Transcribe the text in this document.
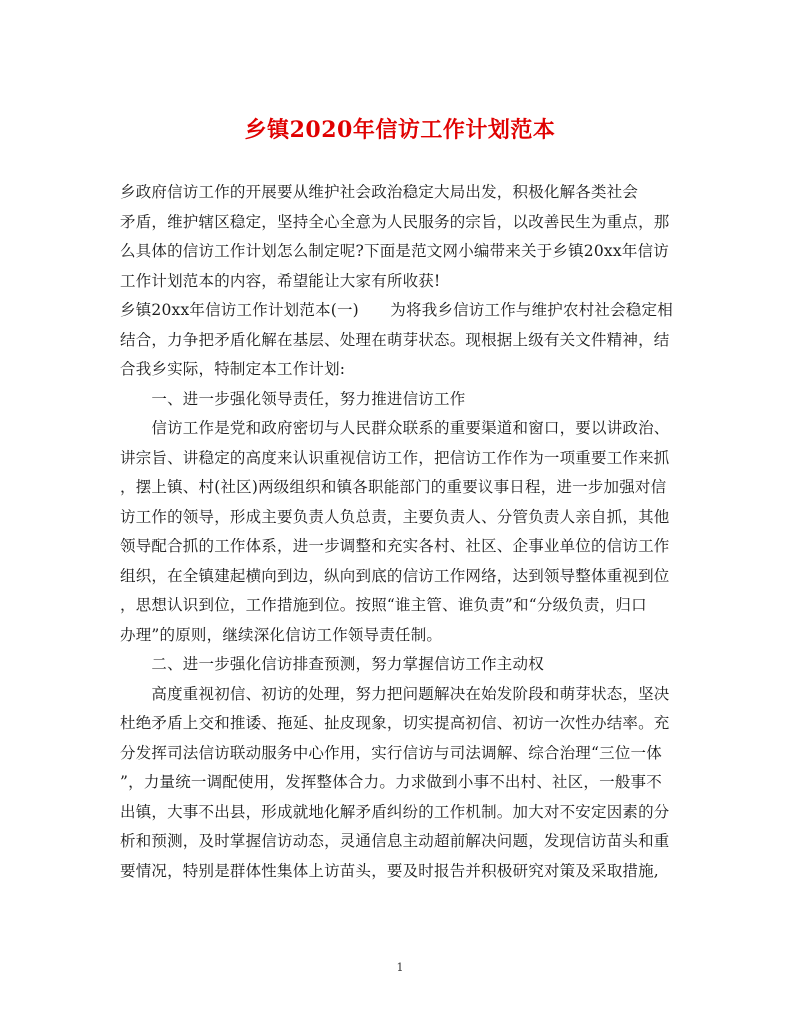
乡镇2020年信访工作计划范本
乡政府信访工作的开展要从维护社会政治稳定大局出发，积极化解各类社会
矛盾，维护辖区稳定，坚持全心全意为人民服务的宗旨，以改善民生为重点，那
么具体的信访工作计划怎么制定呢?下面是范文网小编带来关于乡镇20xx年信访
工作计划范本的内容，希望能让大家有所收获!
乡镇20xx年信访工作计划范本(一)　　为将我乡信访工作与维护农村社会稳定相
结合，力争把矛盾化解在基层、处理在萌芽状态。现根据上级有关文件精神，结
合我乡实际，特制定本工作计划:
　　一、进一步强化领导责任，努力推进信访工作
　　信访工作是党和政府密切与人民群众联系的重要渠道和窗口，要以讲政治、
讲宗旨、讲稳定的高度来认识重视信访工作，把信访工作作为一项重要工作来抓
，摆上镇、村(社区)两级组织和镇各职能部门的重要议事日程，进一步加强对信
访工作的领导，形成主要负责人负总责，主要负责人、分管负责人亲自抓，其他
领导配合抓的工作体系，进一步调整和充实各村、社区、企事业单位的信访工作
组织，在全镇建起横向到边，纵向到底的信访工作网络，达到领导整体重视到位
，思想认识到位，工作措施到位。按照“谁主管、谁负责”和“分级负责，归口
办理”的原则，继续深化信访工作领导责任制。
　　二、进一步强化信访排查预测，努力掌握信访工作主动权
　　高度重视初信、初访的处理，努力把问题解决在始发阶段和萌芽状态，坚决
杜绝矛盾上交和推诿、拖延、扯皮现象，切实提高初信、初访一次性办结率。充
分发挥司法信访联动服务中心作用，实行信访与司法调解、综合治理“三位一体
”，力量统一调配使用，发挥整体合力。力求做到小事不出村、社区，一般事不
出镇，大事不出县，形成就地化解矛盾纠纷的工作机制。加大对不安定因素的分
析和预测，及时掌握信访动态，灵通信息主动超前解决问题，发现信访苗头和重
要情况，特别是群体性集体上访苗头，要及时报告并积极研究对策及采取措施,
1
